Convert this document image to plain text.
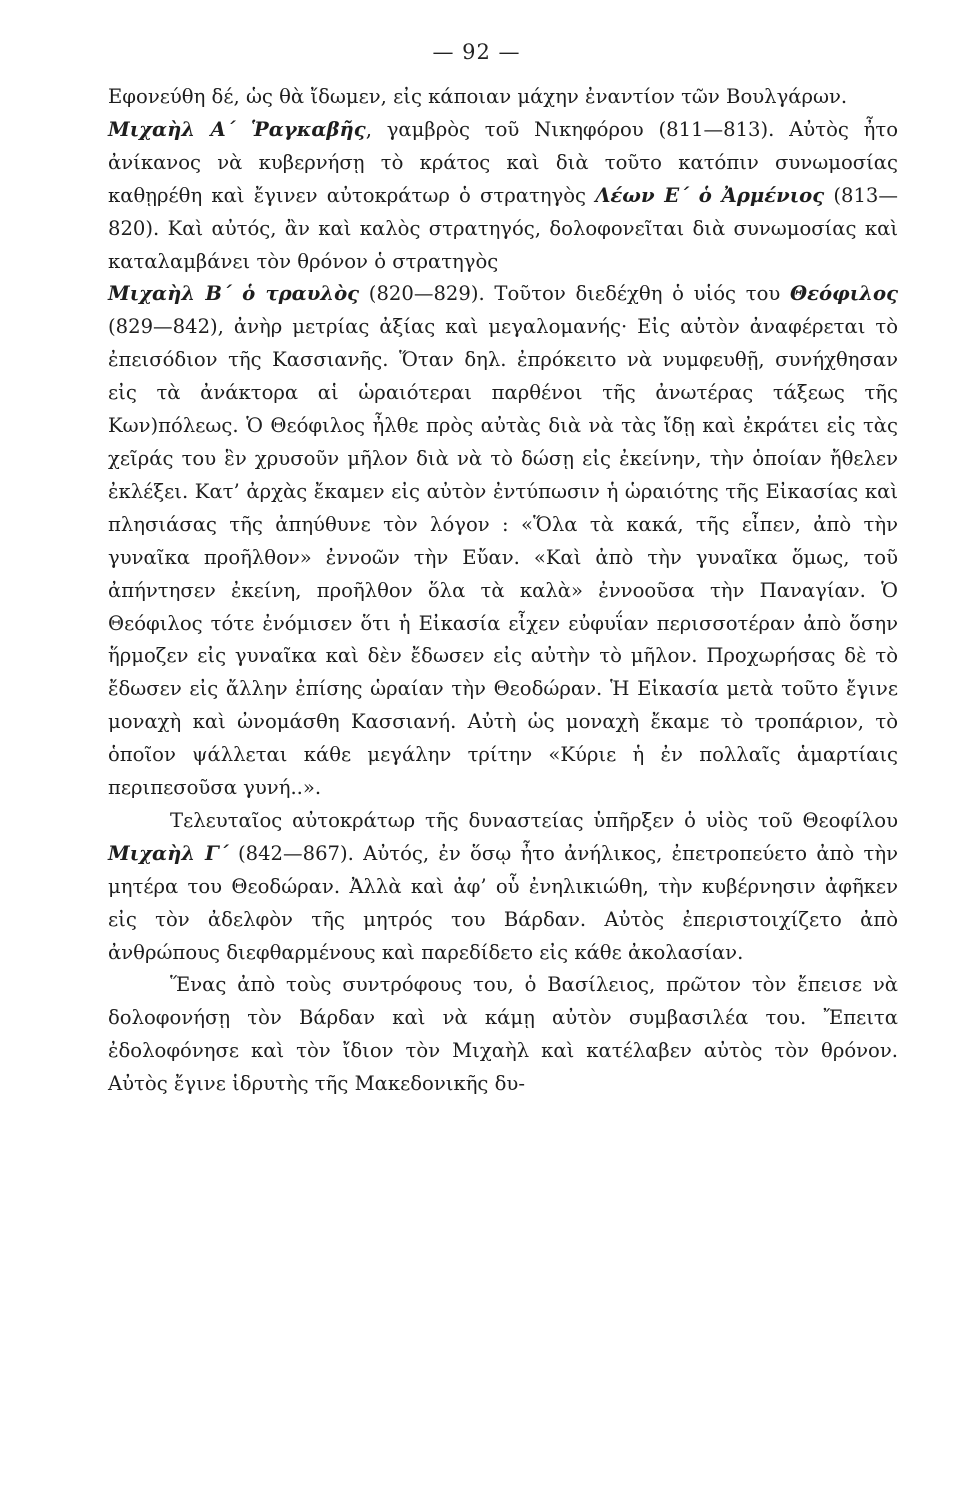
— 92 —

Εφονεύθη δέ, ὡς θὰ ἴδωμεν, εἰς κάποιαν μάχην ἐναντίον τῶν Βουλγάρων.

Μιχαὴλ Α΄ Ῥαγκαβῆς, γαμβρὸς τοῦ Νικηφόρου (811—813). Αὐτὸς ἦτο ἀνίκανος νὰ κυβερνήσῃ τὸ κράτος καὶ διὰ τοῦτο κατόπιν συνωμοσίας καθῃρέθη καὶ ἔγινεν αὐτοκράτωρ ὁ στρατηγὸς Λέων Ε΄ ὁ Ἀρμένιος (813—820). Καὶ αὐτός, ἂν καὶ καλὸς στρατηγός, δολοφονεῖται διὰ συνωμοσίας καὶ καταλαμβάνει τὸν θρόνον ὁ στρατηγὸς

Μιχαὴλ Β΄ ὁ τραυλὸς (820—829). Τοῦτον διεδέχθη ὁ υἱός του Θεόφιλος (829—842), ἀνὴρ μετρίας ἀξίας καὶ μεγαλομανής· Εἰς αὐτὸν ἀναφέρεται τὸ ἐπεισόδιον τῆς Κασσιανῆς. Ὅταν δηλ. ἐπρόκειτο νὰ νυμφευθῇ, συνήχθησαν εἰς τὰ ἀνάκτορα αἱ ὡραιότεραι παρθένοι τῆς ἀνωτέρας τάξεως τῆς Κων)πόλεως. Ὁ Θεόφιλος ἦλθε πρὸς αὐτὰς διὰ νὰ τὰς ἴδῃ καὶ ἐκράτει εἰς τὰς χεῖράς του ἓν χρυσοῦν μῆλον διὰ νὰ τὸ δώσῃ εἰς ἐκείνην, τὴν ὁποίαν ἤθελεν ἐκλέξει. Κατ’ ἀρχὰς ἔκαμεν εἰς αὐτὸν ἐντύπωσιν ἡ ὡραιότης τῆς Εἰκασίας καὶ πλησιάσας τῆς ἀπηύθυνε τὸν λόγον : «Ὅλα τὰ κακά, τῆς εἶπεν, ἀπὸ τὴν γυναῖκα προῆλθον» ἐννοῶν τὴν Εὔαν. «Καὶ ἀπὸ τὴν γυναῖκα ὅμως, τοῦ ἀπήντησεν ἐκείνη, προῆλθον ὅλα τὰ καλὰ» ἐννοοῦσα τὴν Παναγίαν. Ὁ Θεόφιλος τότε ἐνόμισεν ὅτι ἡ Εἰκασία εἶχεν εὐφυΐαν περισσοτέραν ἀπὸ ὅσην ἥρμοζεν εἰς γυναῖκα καὶ δὲν ἔδωσεν εἰς αὐτὴν τὸ μῆλον. Προχωρήσας δὲ τὸ ἔδωσεν εἰς ἄλλην ἐπίσης ὡραίαν τὴν Θεοδώραν. Ἡ Εἰκασία μετὰ τοῦτο ἔγινε μοναχὴ καὶ ὠνομάσθη Κασσιανή. Αὐτὴ ὡς μοναχὴ ἔκαμε τὸ τροπάριον, τὸ ὁποῖον ψάλλεται κάθε μεγάλην τρίτην «Κύριε ἡ ἐν πολλαῖς ἁμαρτίαις περιπεσοῦσα γυνή..».

Τελευταῖος αὐτοκράτωρ τῆς δυναστείας ὑπῆρξεν ὁ υἱὸς τοῦ Θεοφίλου Μιχαὴλ Γ΄ (842—867). Αὐτός, ἐν ὅσῳ ἦτο ἀνήλικος, ἐπετροπεύετο ἀπὸ τὴν μητέρα του Θεοδώραν. Ἀλλὰ καὶ ἀφ’ οὗ ἐνηλικιώθη, τὴν κυβέρνησιν ἀφῆκεν εἰς τὸν ἀδελφὸν τῆς μητρός του Βάρδαν. Αὐτὸς ἐπεριστοιχίζετο ἀπὸ ἀνθρώπους διεφθαρμένους καὶ παρεδίδετο εἰς κάθε ἀκολασίαν.

Ἕνας ἀπὸ τοὺς συντρόφους του, ὁ Βασίλειος, πρῶτον τὸν ἔπεισε νὰ δολοφονήσῃ τὸν Βάρδαν καὶ νὰ κάμῃ αὐτὸν συμβασιλέα του. Ἔπειτα ἐδολοφόνησε καὶ τὸν ἴδιον τὸν Μιχαὴλ καὶ κατέλαβεν αὐτὸς τὸν θρόνον. Αὐτὸς ἔγινε ἱδρυτὴς τῆς Μακεδονικῆς δυ-
